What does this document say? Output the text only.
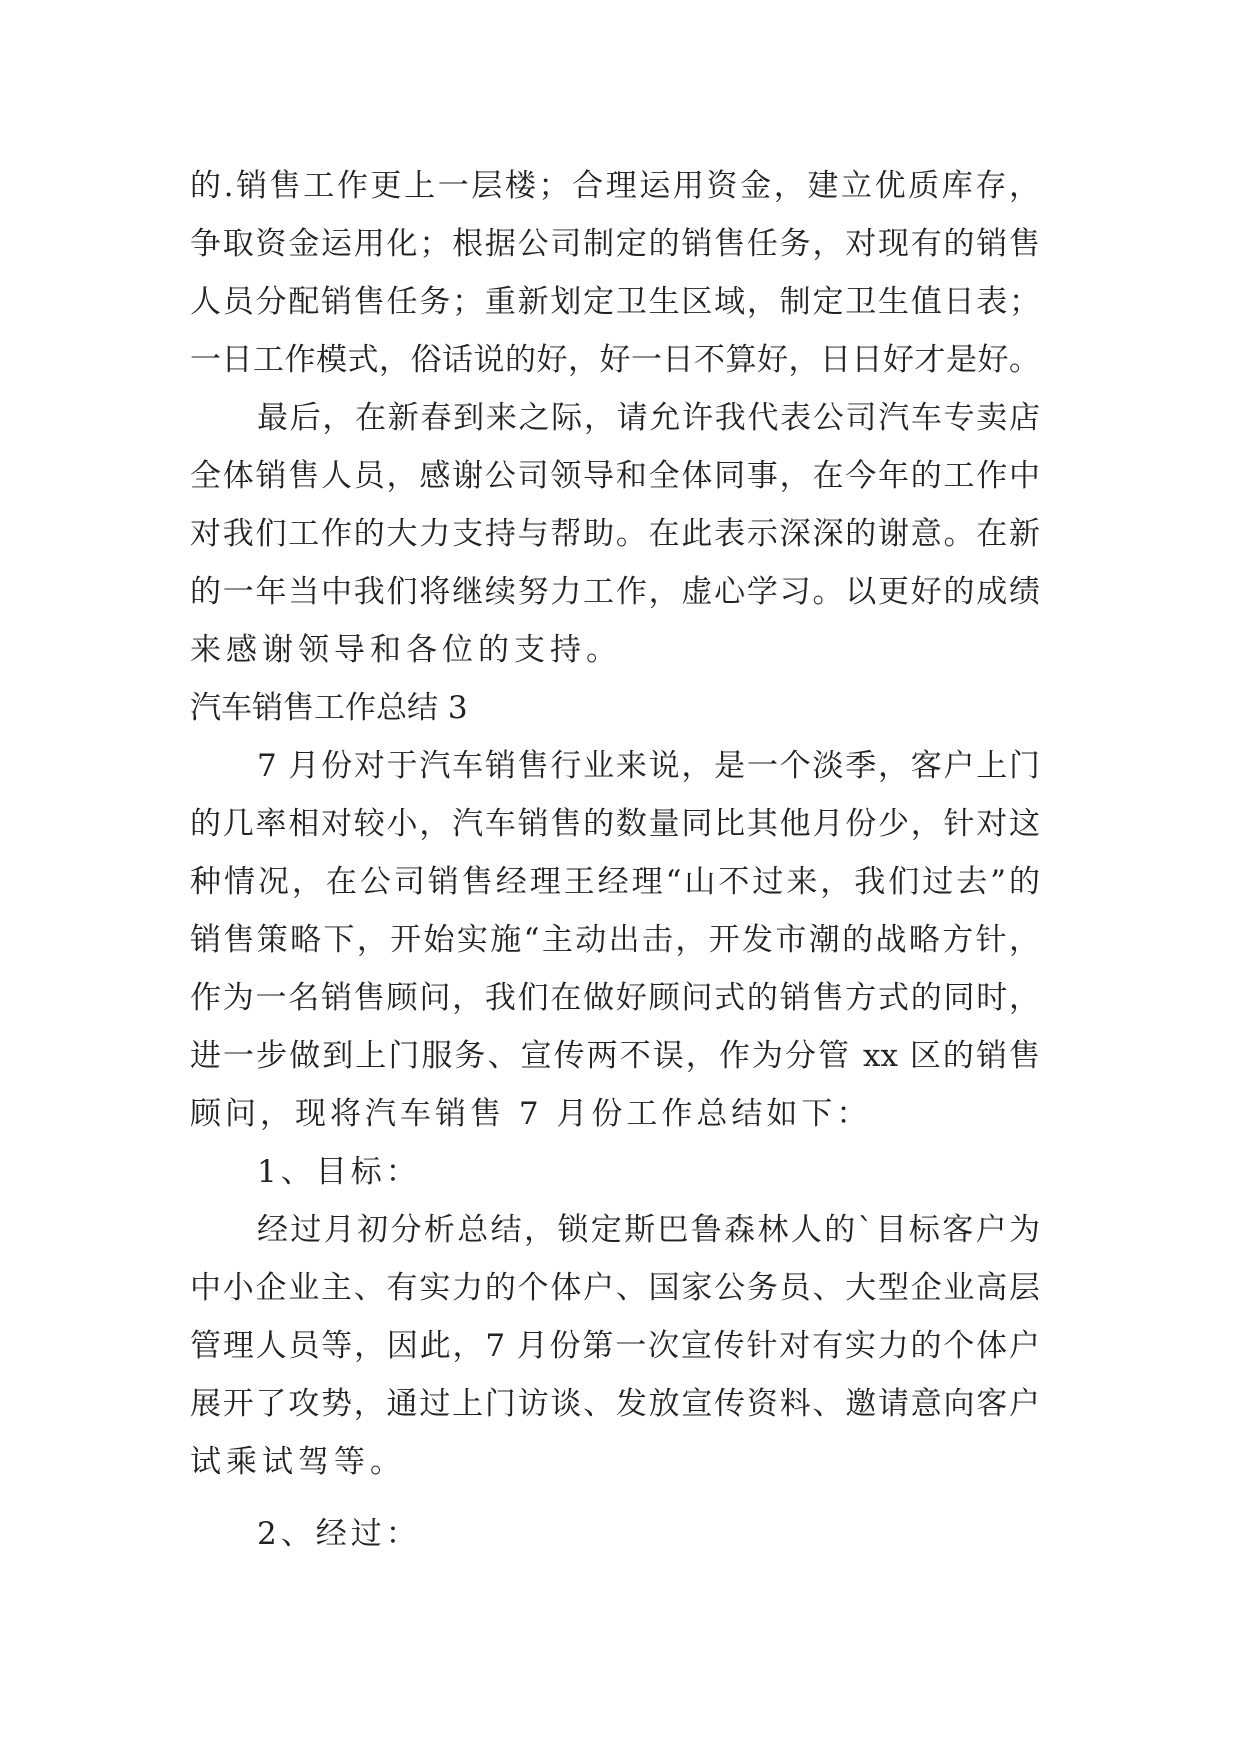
的.销售工作更上一层楼；合理运用资金，建立优质库存，
争取资金运用化；根据公司制定的销售任务，对现有的销售
人员分配销售任务；重新划定卫生区域，制定卫生值日表；
一日工作模式，俗话说的好，好一日不算好，日日好才是好。
最后，在新春到来之际，请允许我代表公司汽车专卖店
全体销售人员，感谢公司领导和全体同事，在今年的工作中
对我们工作的大力支持与帮助。在此表示深深的谢意。在新
的一年当中我们将继续努力工作，虚心学习。以更好的成绩
来感谢领导和各位的支持。
汽车销售工作总结 3
7 月份对于汽车销售行业来说，是一个淡季，客户上门
的几率相对较小，汽车销售的数量同比其他月份少，针对这
种情况，在公司销售经理王经理“山不过来，我们过去”的
销售策略下，开始实施“主动出击，开发市潮的战略方针，
作为一名销售顾问，我们在做好顾问式的销售方式的同时，
进一步做到上门服务、宣传两不误，作为分管 xx 区的销售
顾问，现将汽车销售 7 月份工作总结如下：
1、目标：
经过月初分析总结，锁定斯巴鲁森林人的`目标客户为
中小企业主、有实力的个体户、国家公务员、大型企业高层
管理人员等，因此，7 月份第一次宣传针对有实力的个体户
展开了攻势，通过上门访谈、发放宣传资料、邀请意向客户
试乘试驾等。
2、经过：
